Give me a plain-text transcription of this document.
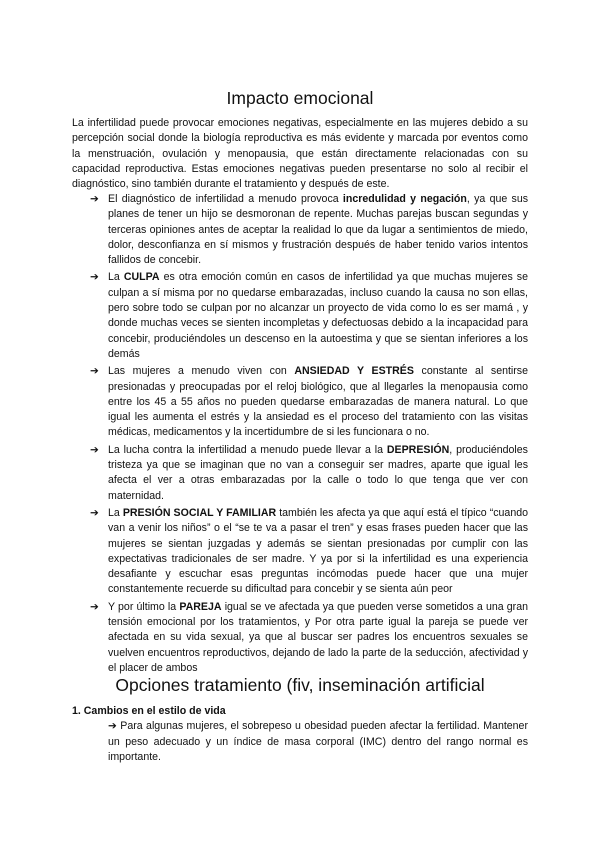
Impacto emocional

La infertilidad puede provocar emociones negativas, especialmente en las mujeres debido a su percepción social donde la biología reproductiva es más evidente y marcada por eventos como la menstruación, ovulación y menopausia, que están directamente relacionadas con su capacidad reproductiva. Estas emociones negativas pueden presentarse no solo al recibir el diagnóstico, sino también durante el tratamiento y después de este.

➔ El diagnóstico de infertilidad a menudo provoca incredulidad y negación, ya que sus planes de tener un hijo se desmoronan de repente. Muchas parejas buscan segundas y terceras opiniones antes de aceptar la realidad lo que da lugar a sentimientos de miedo, dolor, desconfianza en sí mismos y frustración después de haber tenido varios intentos fallidos de concebir.
➔ La CULPA es otra emoción común en casos de infertilidad ya que muchas mujeres se culpan a sí misma por no quedarse embarazadas, incluso cuando la causa no son ellas, pero sobre todo se culpan por no alcanzar un proyecto de vida como lo es ser mamá , y donde muchas veces se sienten incompletas y defectuosas debido a la incapacidad para concebir, produciéndoles un descenso en la autoestima y que se sientan inferiores a los demás
➔ Las mujeres a menudo viven con ANSIEDAD Y ESTRÉS constante al sentirse presionadas y preocupadas por el reloj biológico, que al llegarles la menopausia como entre los 45 a 55 años no pueden quedarse embarazadas de manera natural. Lo que igual les aumenta el estrés y la ansiedad es el proceso del tratamiento con las visitas médicas, medicamentos y la incertidumbre de si les funcionara o no.
➔ La lucha contra la infertilidad a menudo puede llevar a la DEPRESIÓN, produciéndoles tristeza ya que se imaginan que no van a conseguir ser madres, aparte que igual les afecta el ver a otras embarazadas por la calle o todo lo que tenga que ver con maternidad.
➔ La PRESIÓN SOCIAL Y FAMILIAR también les afecta ya que aquí está el típico “cuando van a venir los niños” o el “se te va a pasar el tren” y esas frases pueden hacer que las mujeres se sientan juzgadas y además se sientan presionadas por cumplir con las expectativas tradicionales de ser madre. Y ya por si la infertilidad es una experiencia desafiante y escuchar esas preguntas incómodas puede hacer que una mujer constantemente recuerde su dificultad para concebir y se sienta aún peor
➔ Y por último la PAREJA igual se ve afectada ya que pueden verse sometidos a una gran tensión emocional por los tratamientos, y Por otra parte igual la pareja se puede ver afectada en su vida sexual, ya que al buscar ser padres los encuentros sexuales se vuelven encuentros reproductivos, dejando de lado la parte de la seducción, afectividad y el placer de ambos
Opciones tratamiento (fiv, inseminación artificial
1. Cambios en el estilo de vida

➔ Para algunas mujeres, el sobrepeso u obesidad pueden afectar la fertilidad. Mantener un peso adecuado y un índice de masa corporal (IMC) dentro del rango normal es importante.
